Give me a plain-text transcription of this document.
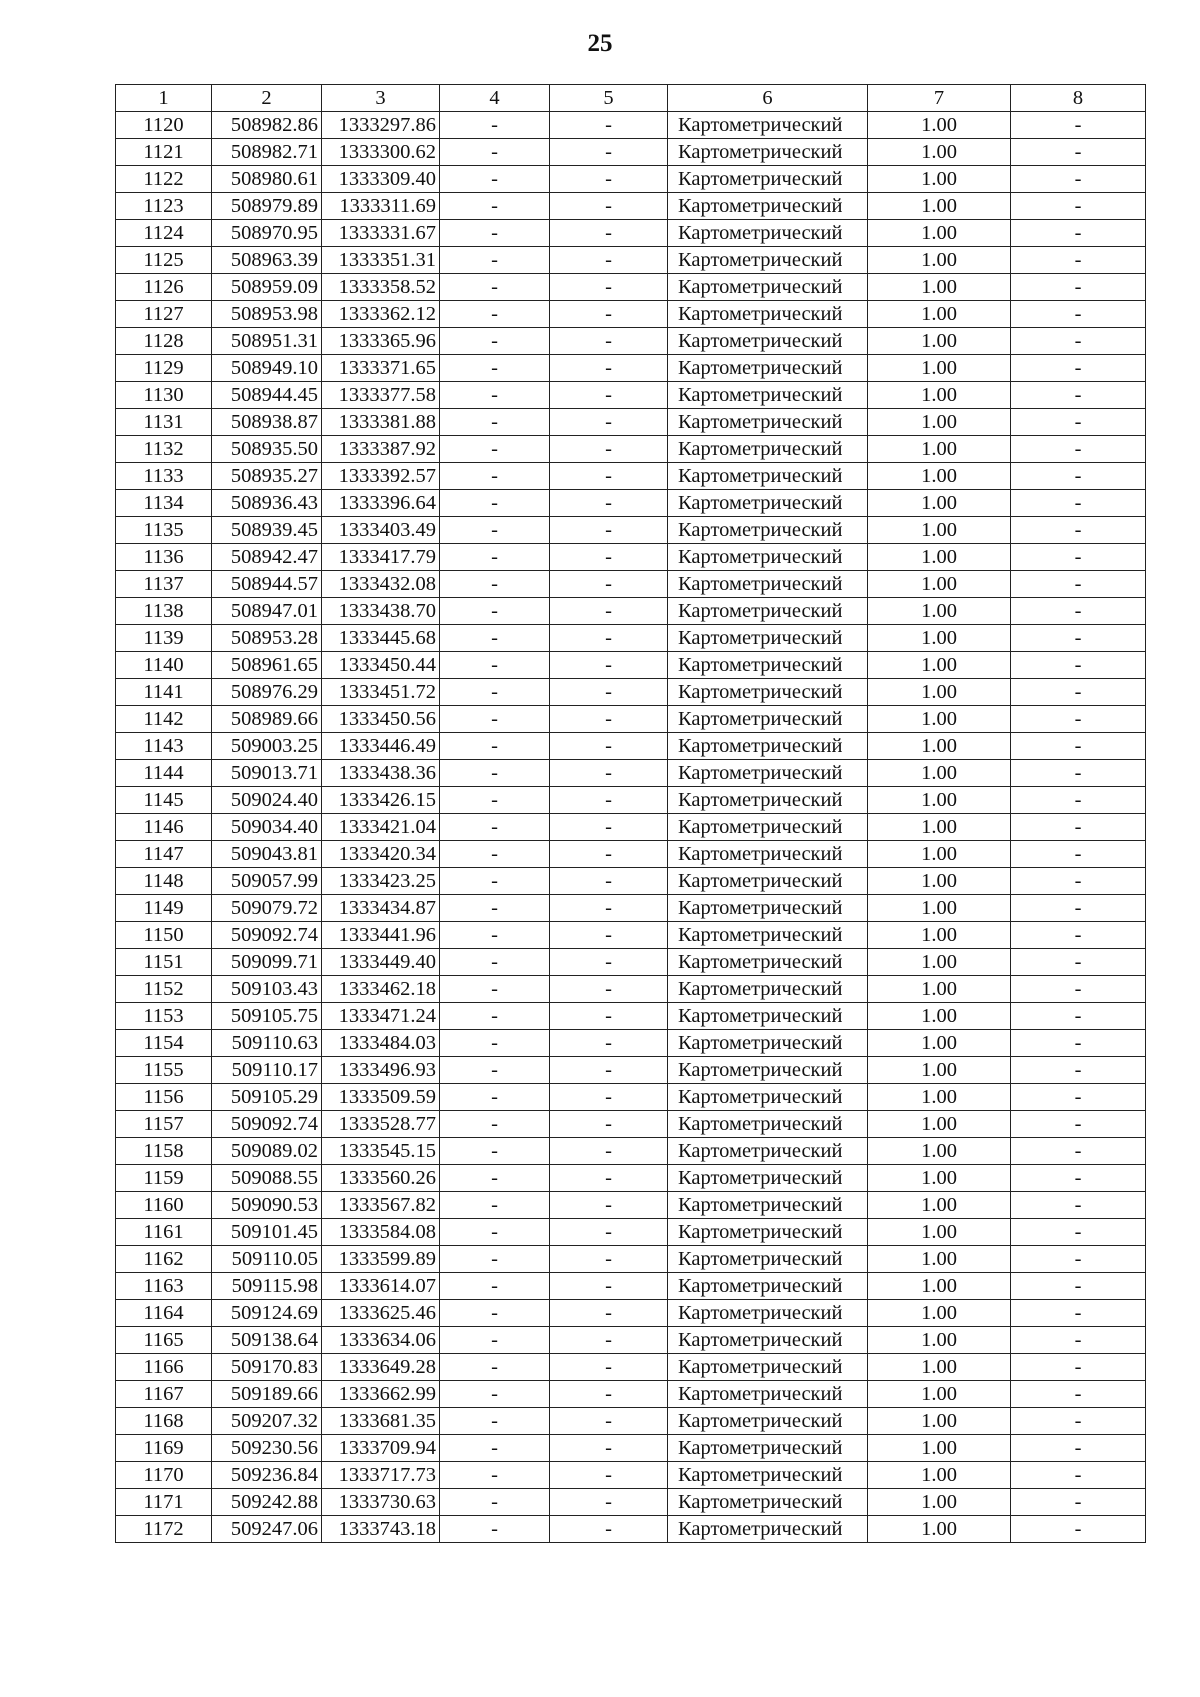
25
1	2	3	4	5	6	7	8
1120	508982.86	1333297.86	-	-	Картометрический	1.00	-
1121	508982.71	1333300.62	-	-	Картометрический	1.00	-
1122	508980.61	1333309.40	-	-	Картометрический	1.00	-
1123	508979.89	1333311.69	-	-	Картометрический	1.00	-
1124	508970.95	1333331.67	-	-	Картометрический	1.00	-
1125	508963.39	1333351.31	-	-	Картометрический	1.00	-
1126	508959.09	1333358.52	-	-	Картометрический	1.00	-
1127	508953.98	1333362.12	-	-	Картометрический	1.00	-
1128	508951.31	1333365.96	-	-	Картометрический	1.00	-
1129	508949.10	1333371.65	-	-	Картометрический	1.00	-
1130	508944.45	1333377.58	-	-	Картометрический	1.00	-
1131	508938.87	1333381.88	-	-	Картометрический	1.00	-
1132	508935.50	1333387.92	-	-	Картометрический	1.00	-
1133	508935.27	1333392.57	-	-	Картометрический	1.00	-
1134	508936.43	1333396.64	-	-	Картометрический	1.00	-
1135	508939.45	1333403.49	-	-	Картометрический	1.00	-
1136	508942.47	1333417.79	-	-	Картометрический	1.00	-
1137	508944.57	1333432.08	-	-	Картометрический	1.00	-
1138	508947.01	1333438.70	-	-	Картометрический	1.00	-
1139	508953.28	1333445.68	-	-	Картометрический	1.00	-
1140	508961.65	1333450.44	-	-	Картометрический	1.00	-
1141	508976.29	1333451.72	-	-	Картометрический	1.00	-
1142	508989.66	1333450.56	-	-	Картометрический	1.00	-
1143	509003.25	1333446.49	-	-	Картометрический	1.00	-
1144	509013.71	1333438.36	-	-	Картометрический	1.00	-
1145	509024.40	1333426.15	-	-	Картометрический	1.00	-
1146	509034.40	1333421.04	-	-	Картометрический	1.00	-
1147	509043.81	1333420.34	-	-	Картометрический	1.00	-
1148	509057.99	1333423.25	-	-	Картометрический	1.00	-
1149	509079.72	1333434.87	-	-	Картометрический	1.00	-
1150	509092.74	1333441.96	-	-	Картометрический	1.00	-
1151	509099.71	1333449.40	-	-	Картометрический	1.00	-
1152	509103.43	1333462.18	-	-	Картометрический	1.00	-
1153	509105.75	1333471.24	-	-	Картометрический	1.00	-
1154	509110.63	1333484.03	-	-	Картометрический	1.00	-
1155	509110.17	1333496.93	-	-	Картометрический	1.00	-
1156	509105.29	1333509.59	-	-	Картометрический	1.00	-
1157	509092.74	1333528.77	-	-	Картометрический	1.00	-
1158	509089.02	1333545.15	-	-	Картометрический	1.00	-
1159	509088.55	1333560.26	-	-	Картометрический	1.00	-
1160	509090.53	1333567.82	-	-	Картометрический	1.00	-
1161	509101.45	1333584.08	-	-	Картометрический	1.00	-
1162	509110.05	1333599.89	-	-	Картометрический	1.00	-
1163	509115.98	1333614.07	-	-	Картометрический	1.00	-
1164	509124.69	1333625.46	-	-	Картометрический	1.00	-
1165	509138.64	1333634.06	-	-	Картометрический	1.00	-
1166	509170.83	1333649.28	-	-	Картометрический	1.00	-
1167	509189.66	1333662.99	-	-	Картометрический	1.00	-
1168	509207.32	1333681.35	-	-	Картометрический	1.00	-
1169	509230.56	1333709.94	-	-	Картометрический	1.00	-
1170	509236.84	1333717.73	-	-	Картометрический	1.00	-
1171	509242.88	1333730.63	-	-	Картометрический	1.00	-
1172	509247.06	1333743.18	-	-	Картометрический	1.00	-
